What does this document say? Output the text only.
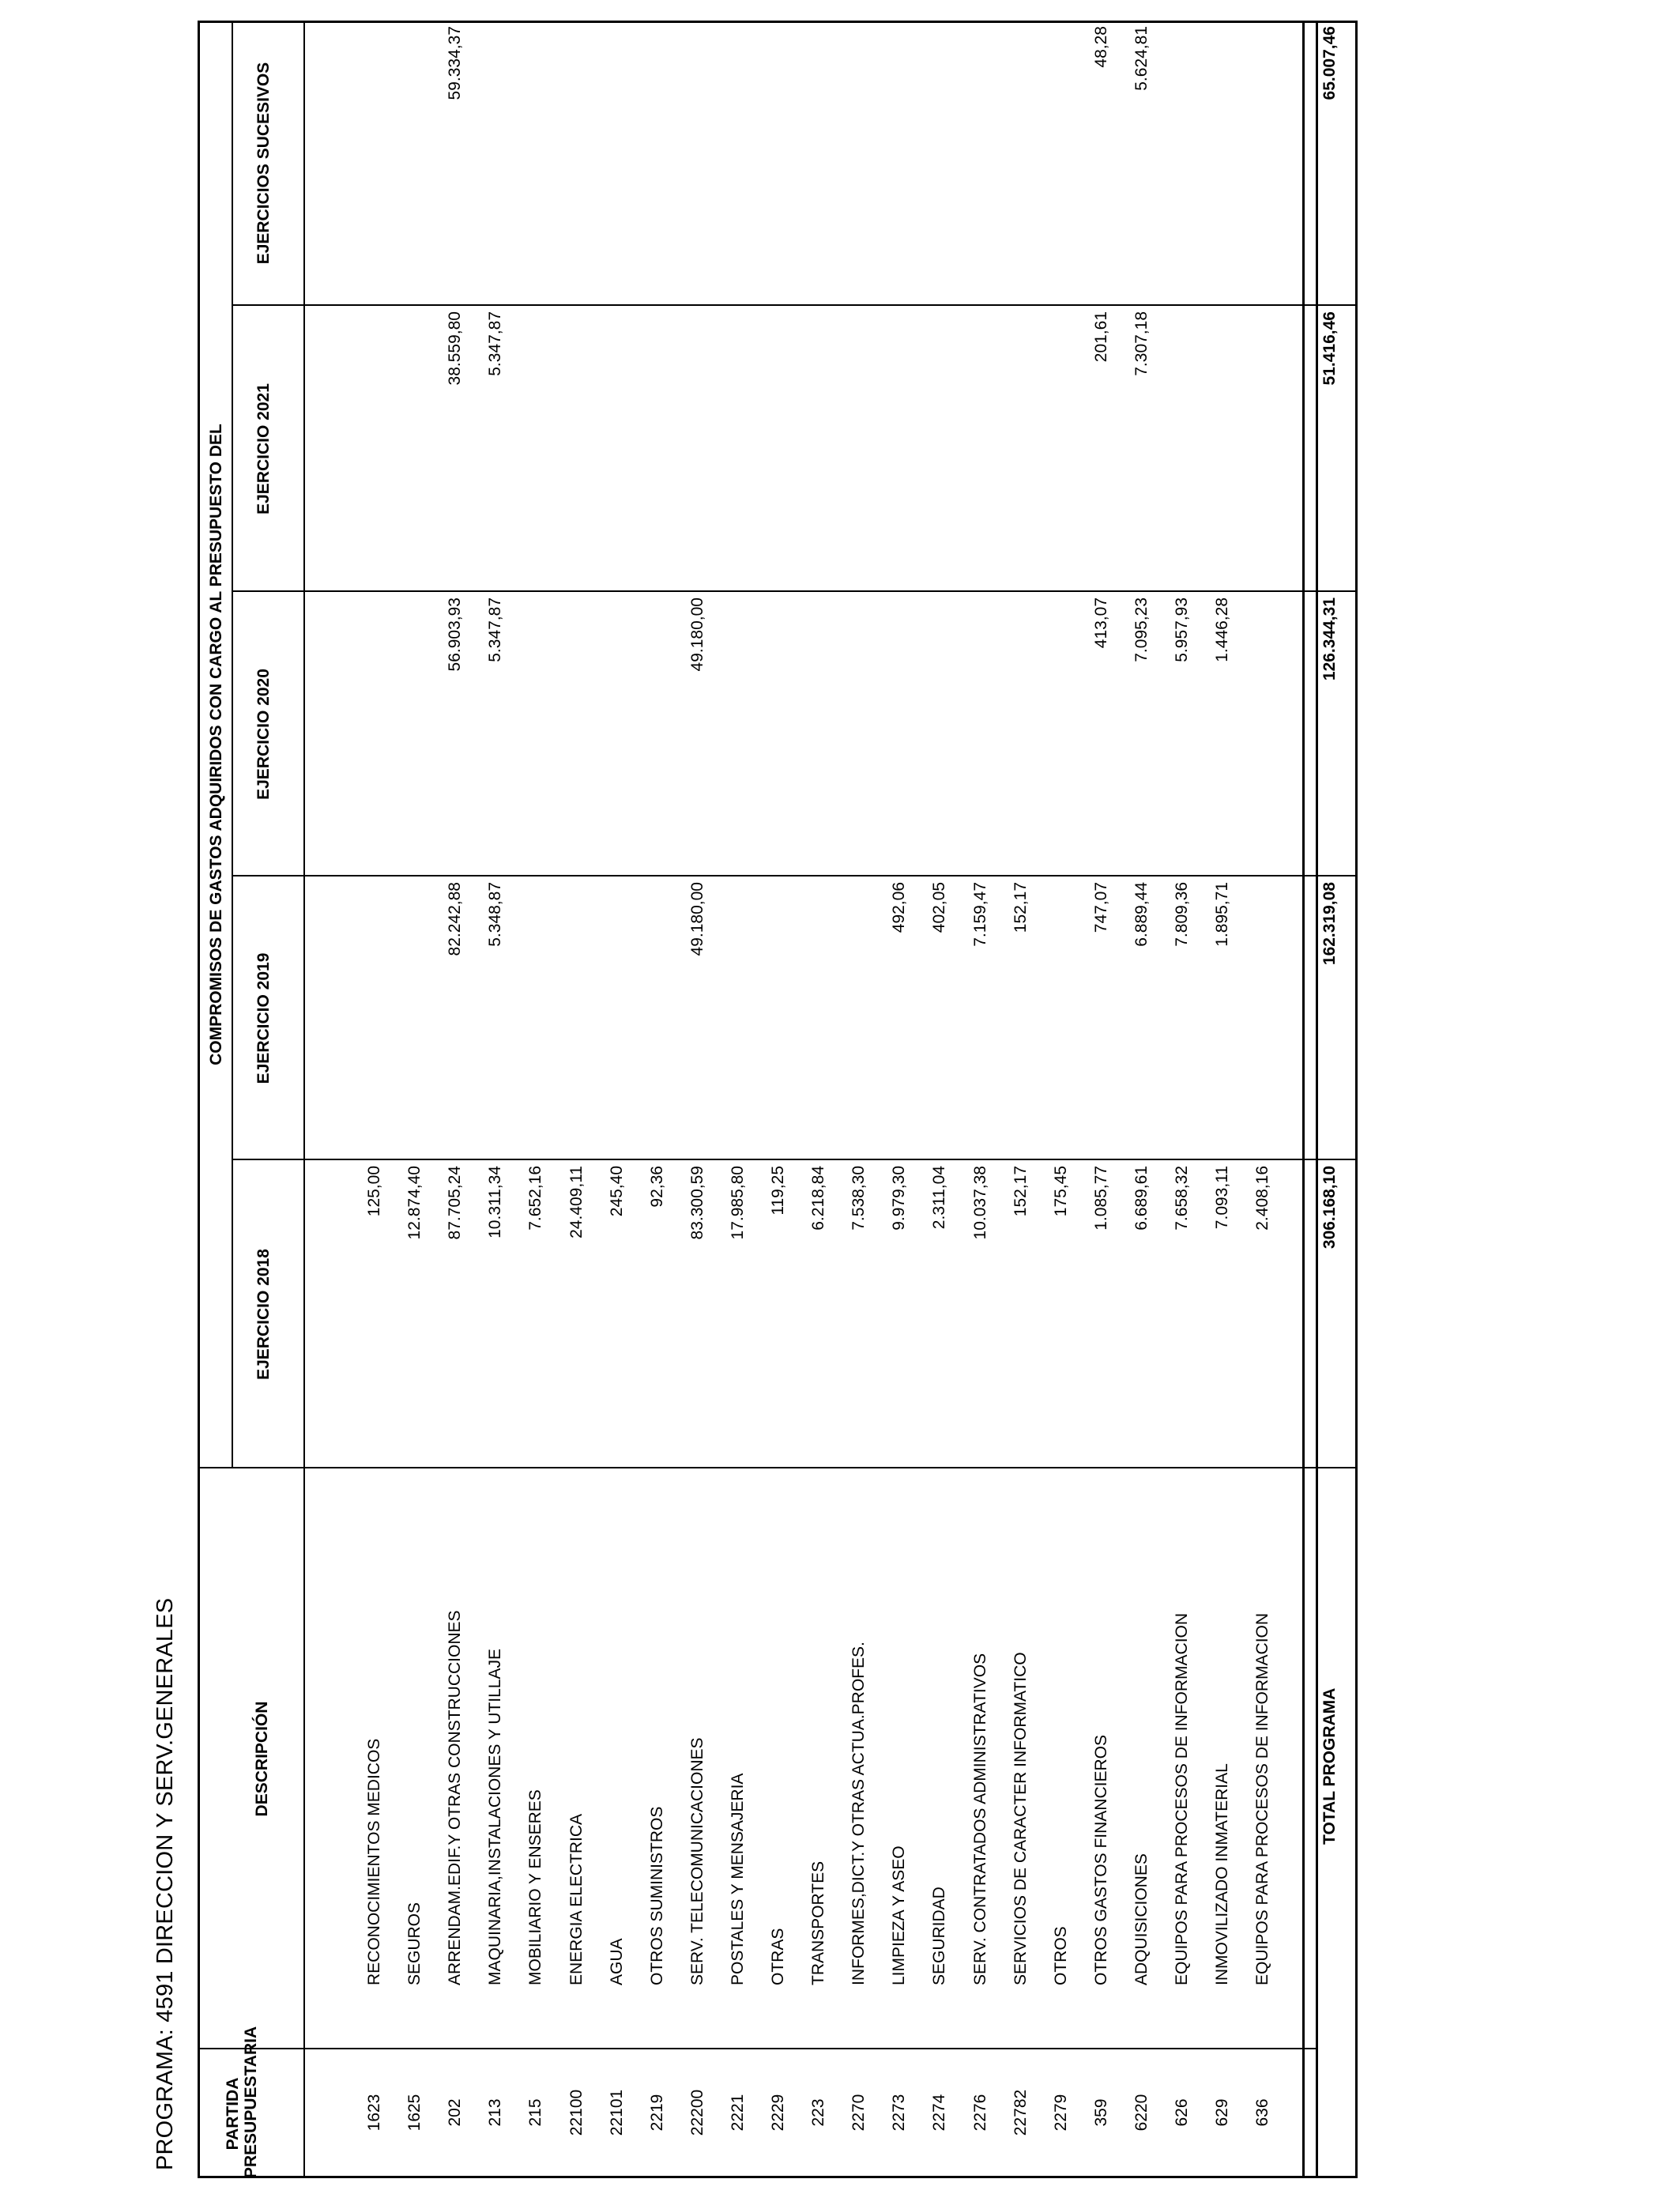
PROGRAMA: 4591 DIRECCION Y SERV.GENERALES	PARTIDA PRESUPUESTARIA
DESCRIPCIÓN
COMPROMISOS DE GASTOS ADQUIRIDOS CON CARGO AL PRESUPUESTO DEL
EJERCICIO 2018
EJERCICIO 2019
EJERCICIO 2020
EJERCICIO 2021
EJERCICIOS SUCESIVOS
1623
RECONOCIMIENTOS MEDICOS
125,00
1625
SEGUROS
12.874,40
202
ARRENDAM.EDIF.Y OTRAS CONSTRUCCIONES
87.705,24
82.242,88
56.903,93
38.559,80
59.334,37
213
MAQUINARIA,INSTALACIONES Y UTILLAJE
10.311,34
5.348,87
5.347,87
5.347,87
215
MOBILIARIO Y ENSERES
7.652,16
22100
ENERGIA ELECTRICA
24.409,11
22101
AGUA
245,40
2219
OTROS SUMINISTROS
92,36
22200
SERV. TELECOMUNICACIONES
83.300,59
49.180,00
49.180,00
2221
POSTALES Y MENSAJERIA
17.985,80
2229
OTRAS
119,25
223
TRANSPORTES
6.218,84
2270
INFORMES,DICT.Y OTRAS ACTUA.PROFES.
7.538,30
2273
LIMPIEZA Y ASEO
9.979,30
492,06
2274
SEGURIDAD
2.311,04
402,05
2276
SERV. CONTRATADOS ADMINISTRATIVOS
10.037,38
7.159,47
22782
SERVICIOS DE CARACTER INFORMATICO
152,17
152,17
2279
OTROS
175,45
359
OTROS GASTOS FINANCIEROS
1.085,77
747,07
413,07
201,61
48,28
6220
ADQUISICIONES
6.689,61
6.889,44
7.095,23
7.307,18
5.624,81
626
EQUIPOS PARA PROCESOS DE INFORMACION
7.658,32
7.809,36
5.957,93
629
INMOVILIZADO INMATERIAL
7.093,11
1.895,71
1.446,28
636
EQUIPOS PARA PROCESOS DE INFORMACION
2.408,16
TOTAL PROGRAMA
306.168,10
162.319,08
126.344,31
51.416,46
65.007,46
